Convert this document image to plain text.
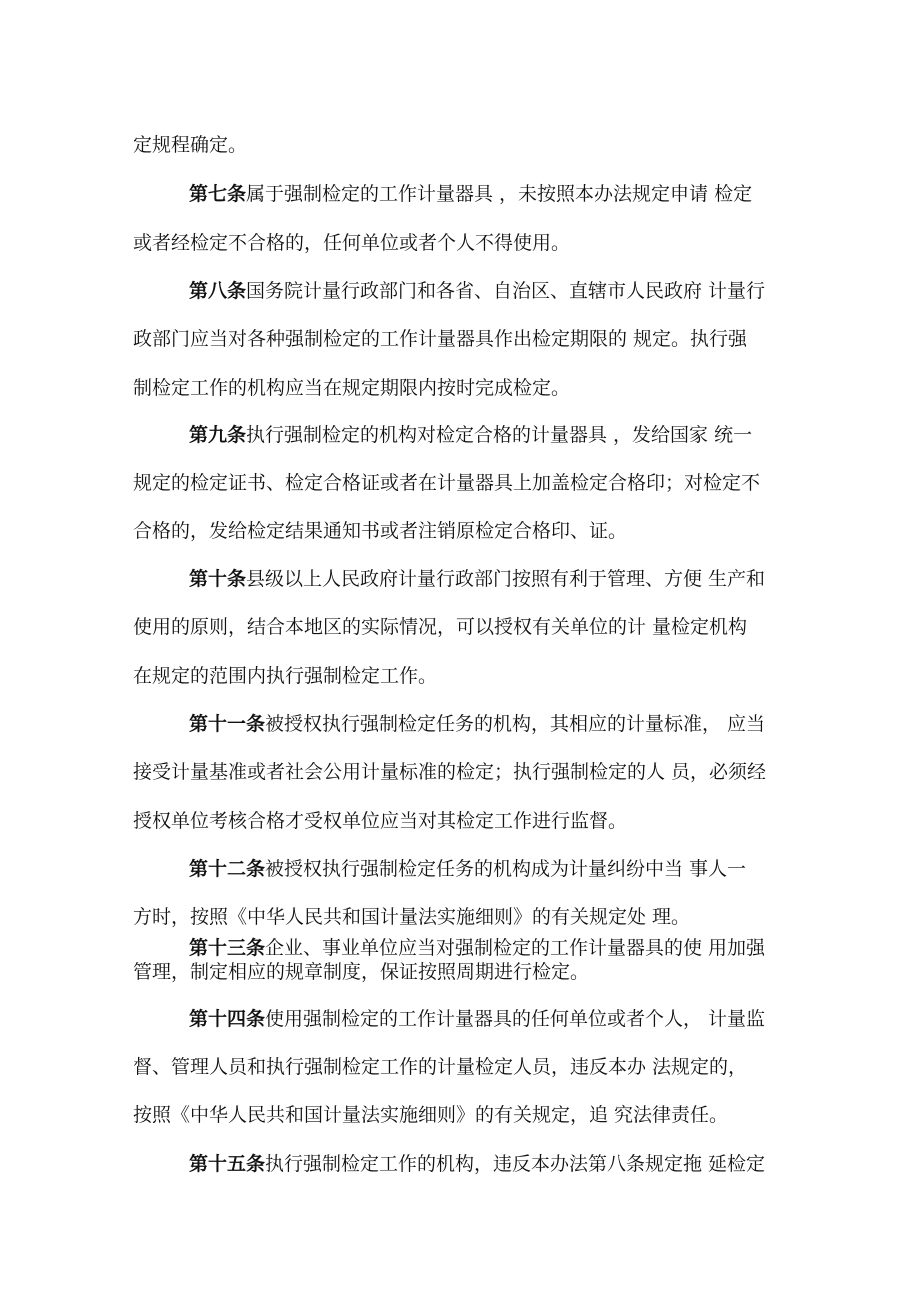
定规程确定。
第七条属于强制检定的工作计量器具 ，未按照本办法规定申请 检定
或者经检定不合格的，任何单位或者个人不得使用。
第八条国务院计量行政部门和各省、自治区、直辖市人民政府 计量行
政部门应当对各种强制检定的工作计量器具作出检定期限的 规定。执行强
制检定工作的机构应当在规定期限内按时完成检定。
第九条执行强制检定的机构对检定合格的计量器具 ，发给国家 统一
规定的检定证书、检定合格证或者在计量器具上加盖检定合格印；对检定不
合格的，发给检定结果通知书或者注销原检定合格印、证。
第十条县级以上人民政府计量行政部门按照有利于管理、方便 生产和
使用的原则，结合本地区的实际情况，可以授权有关单位的计 量检定机构
在规定的范围内执行强制检定工作。
第十一条被授权执行强制检定任务的机构，其相应的计量标准， 应当
接受计量基准或者社会公用计量标准的检定；执行强制检定的人 员，必须经
授权单位考核合格才受权单位应当对其检定工作进行监督。
第十二条被授权执行强制检定任务的机构成为计量纠纷中当 事人一
方时，按照《中华人民共和国计量法实施细则》的有关规定处 理。
第十三条企业、事业单位应当对强制检定的工作计量器具的使 用加强
管理，制定相应的规章制度，保证按照周期进行检定。
第十四条使用强制检定的工作计量器具的任何单位或者个人， 计量监
督、管理人员和执行强制检定工作的计量检定人员，违反本办 法规定的，
按照《中华人民共和国计量法实施细则》的有关规定，追 究法律责任。
第十五条执行强制检定工作的机构，违反本办法第八条规定拖 延检定
